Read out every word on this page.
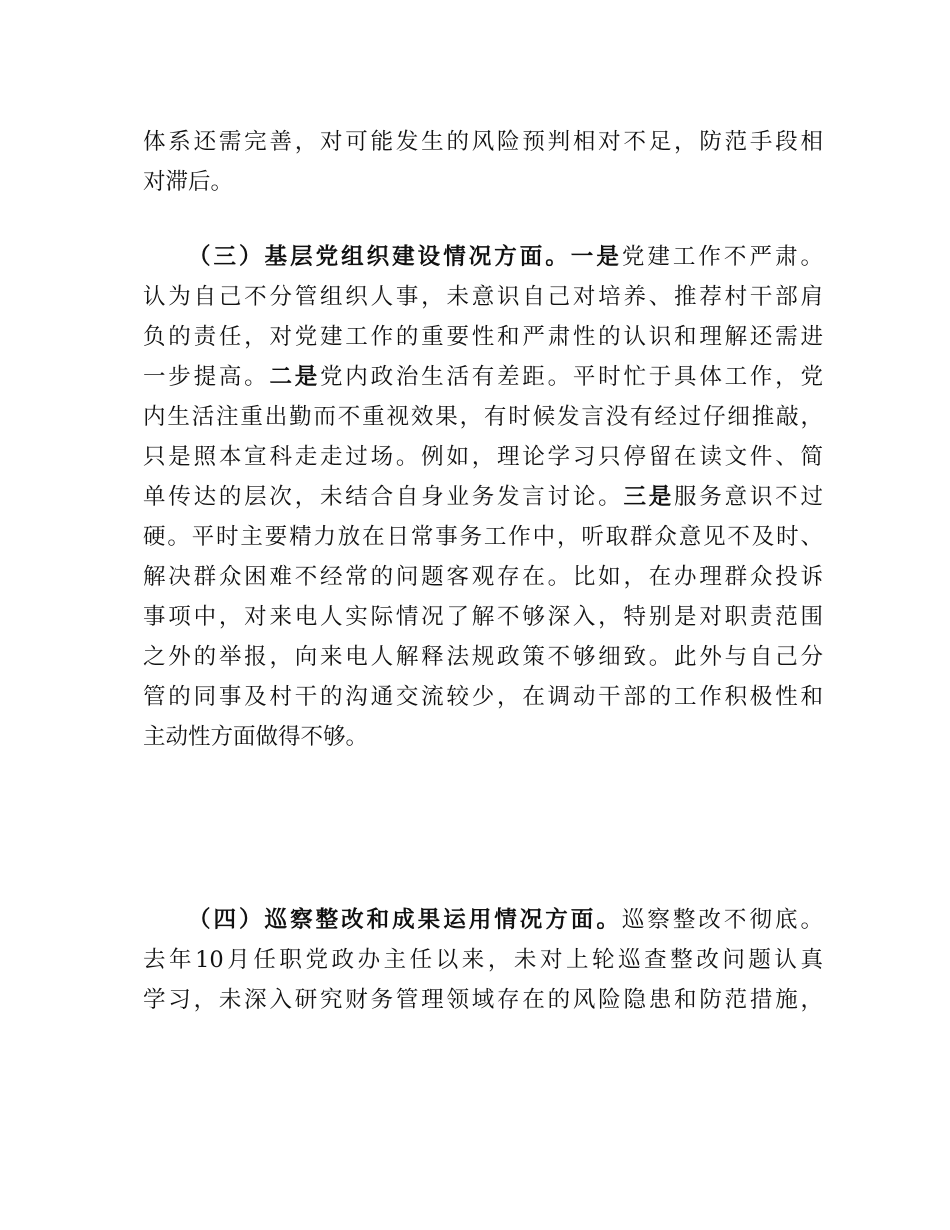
体系还需完善，对可能发生的风险预判相对不足，防范手段相
对滞后。
（三）基层党组织建设情况方面。一是党建工作不严肃。
认为自己不分管组织人事，未意识自己对培养、推荐村干部肩
负的责任，对党建工作的重要性和严肃性的认识和理解还需进
一步提高。二是党内政治生活有差距。平时忙于具体工作，党
内生活注重出勤而不重视效果，有时候发言没有经过仔细推敲，
只是照本宣科走走过场。例如，理论学习只停留在读文件、简
单传达的层次，未结合自身业务发言讨论。三是服务意识不过
硬。平时主要精力放在日常事务工作中，听取群众意见不及时、
解决群众困难不经常的问题客观存在。比如，在办理群众投诉
事项中，对来电人实际情况了解不够深入，特别是对职责范围
之外的举报，向来电人解释法规政策不够细致。此外与自己分
管的同事及村干的沟通交流较少，在调动干部的工作积极性和
主动性方面做得不够。
（四）巡察整改和成果运用情况方面。巡察整改不彻底。
去年10月任职党政办主任以来，未对上轮巡查整改问题认真
学习，未深入研究财务管理领域存在的风险隐患和防范措施，
